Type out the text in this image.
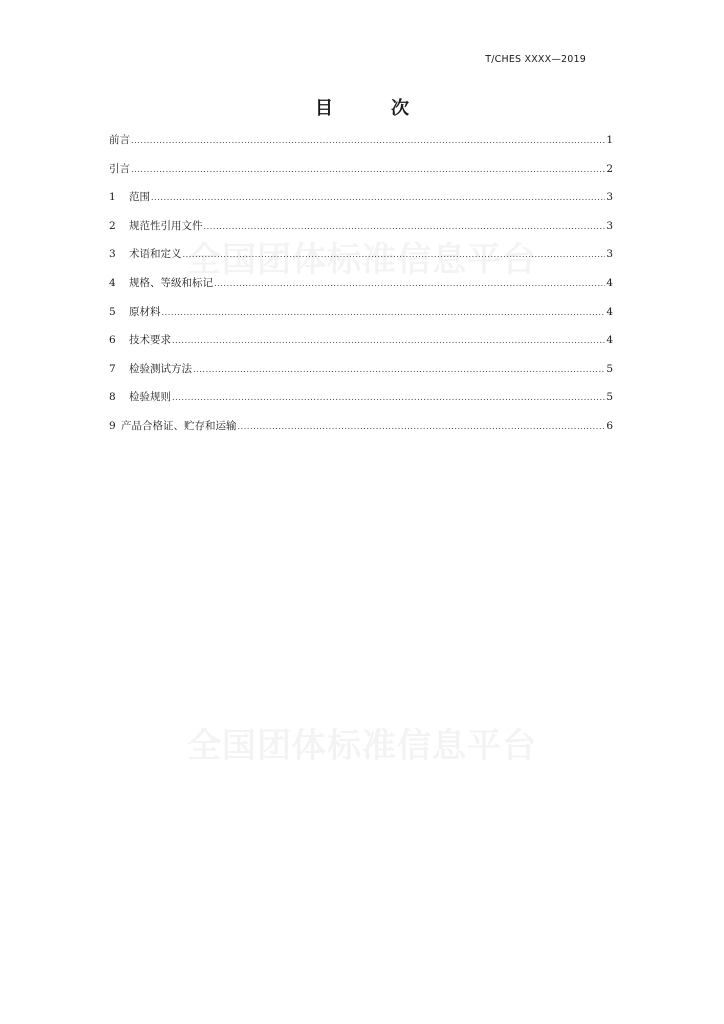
T/CHES XXXX—2019
目　次
全国团体标准信息平台
全国团体标准信息平台
前言 .....	1
引言 .....	2
1	范围 .....	3
2	规范性引用文件 .....	3
3	术语和定义 .....	3
4	规格、等级和标记 .....	4
5	原材料 .....	4
6	技术要求 .....	4
7	检验测试方法 .....	5
8	检验规则 .....	5
9 产品合格证、贮存和运输 .....	6
